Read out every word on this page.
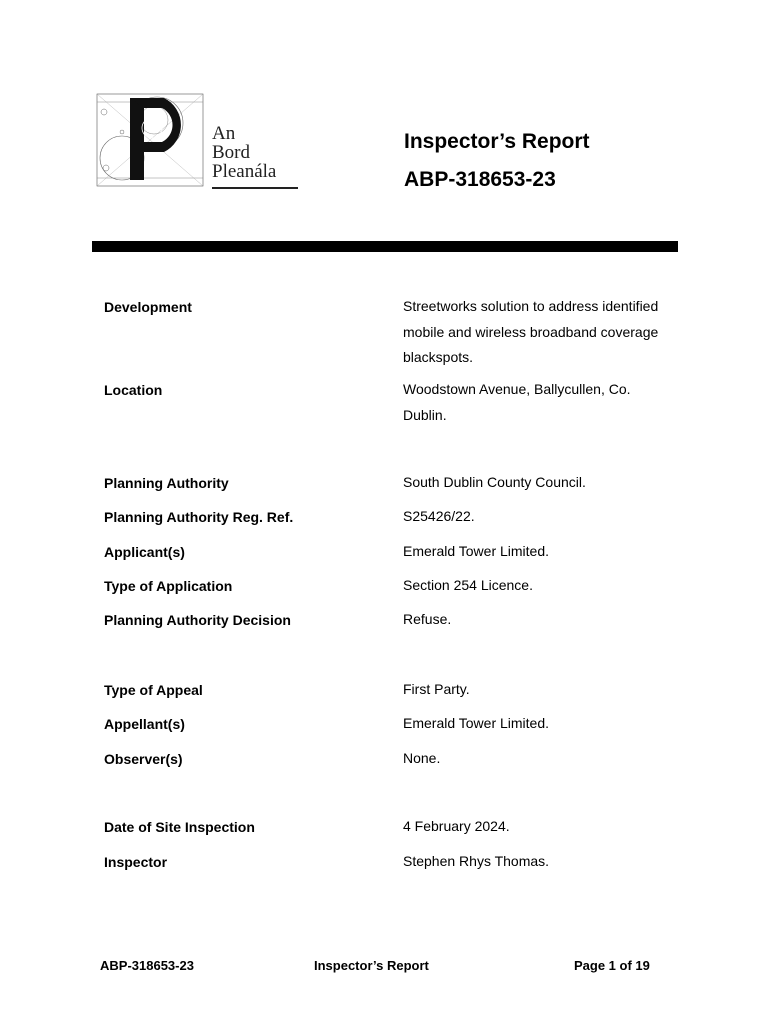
An
Bord
Pleanála
Inspector’s Report
ABP-318653-23
Development	Streetworks solution to address identified mobile and wireless broadband coverage blackspots.
Location	Woodstown Avenue, Ballycullen, Co. Dublin.
Planning Authority	South Dublin County Council.
Planning Authority Reg. Ref.	S25426/22.
Applicant(s)	Emerald Tower Limited.
Type of Application	Section 254 Licence.
Planning Authority Decision	Refuse.
Type of Appeal	First Party.
Appellant(s)	Emerald Tower Limited.
Observer(s)	None.
Date of Site Inspection	4 February 2024.
Inspector	Stephen Rhys Thomas.
ABP-318653-23	Inspector’s Report	Page 1 of 19
